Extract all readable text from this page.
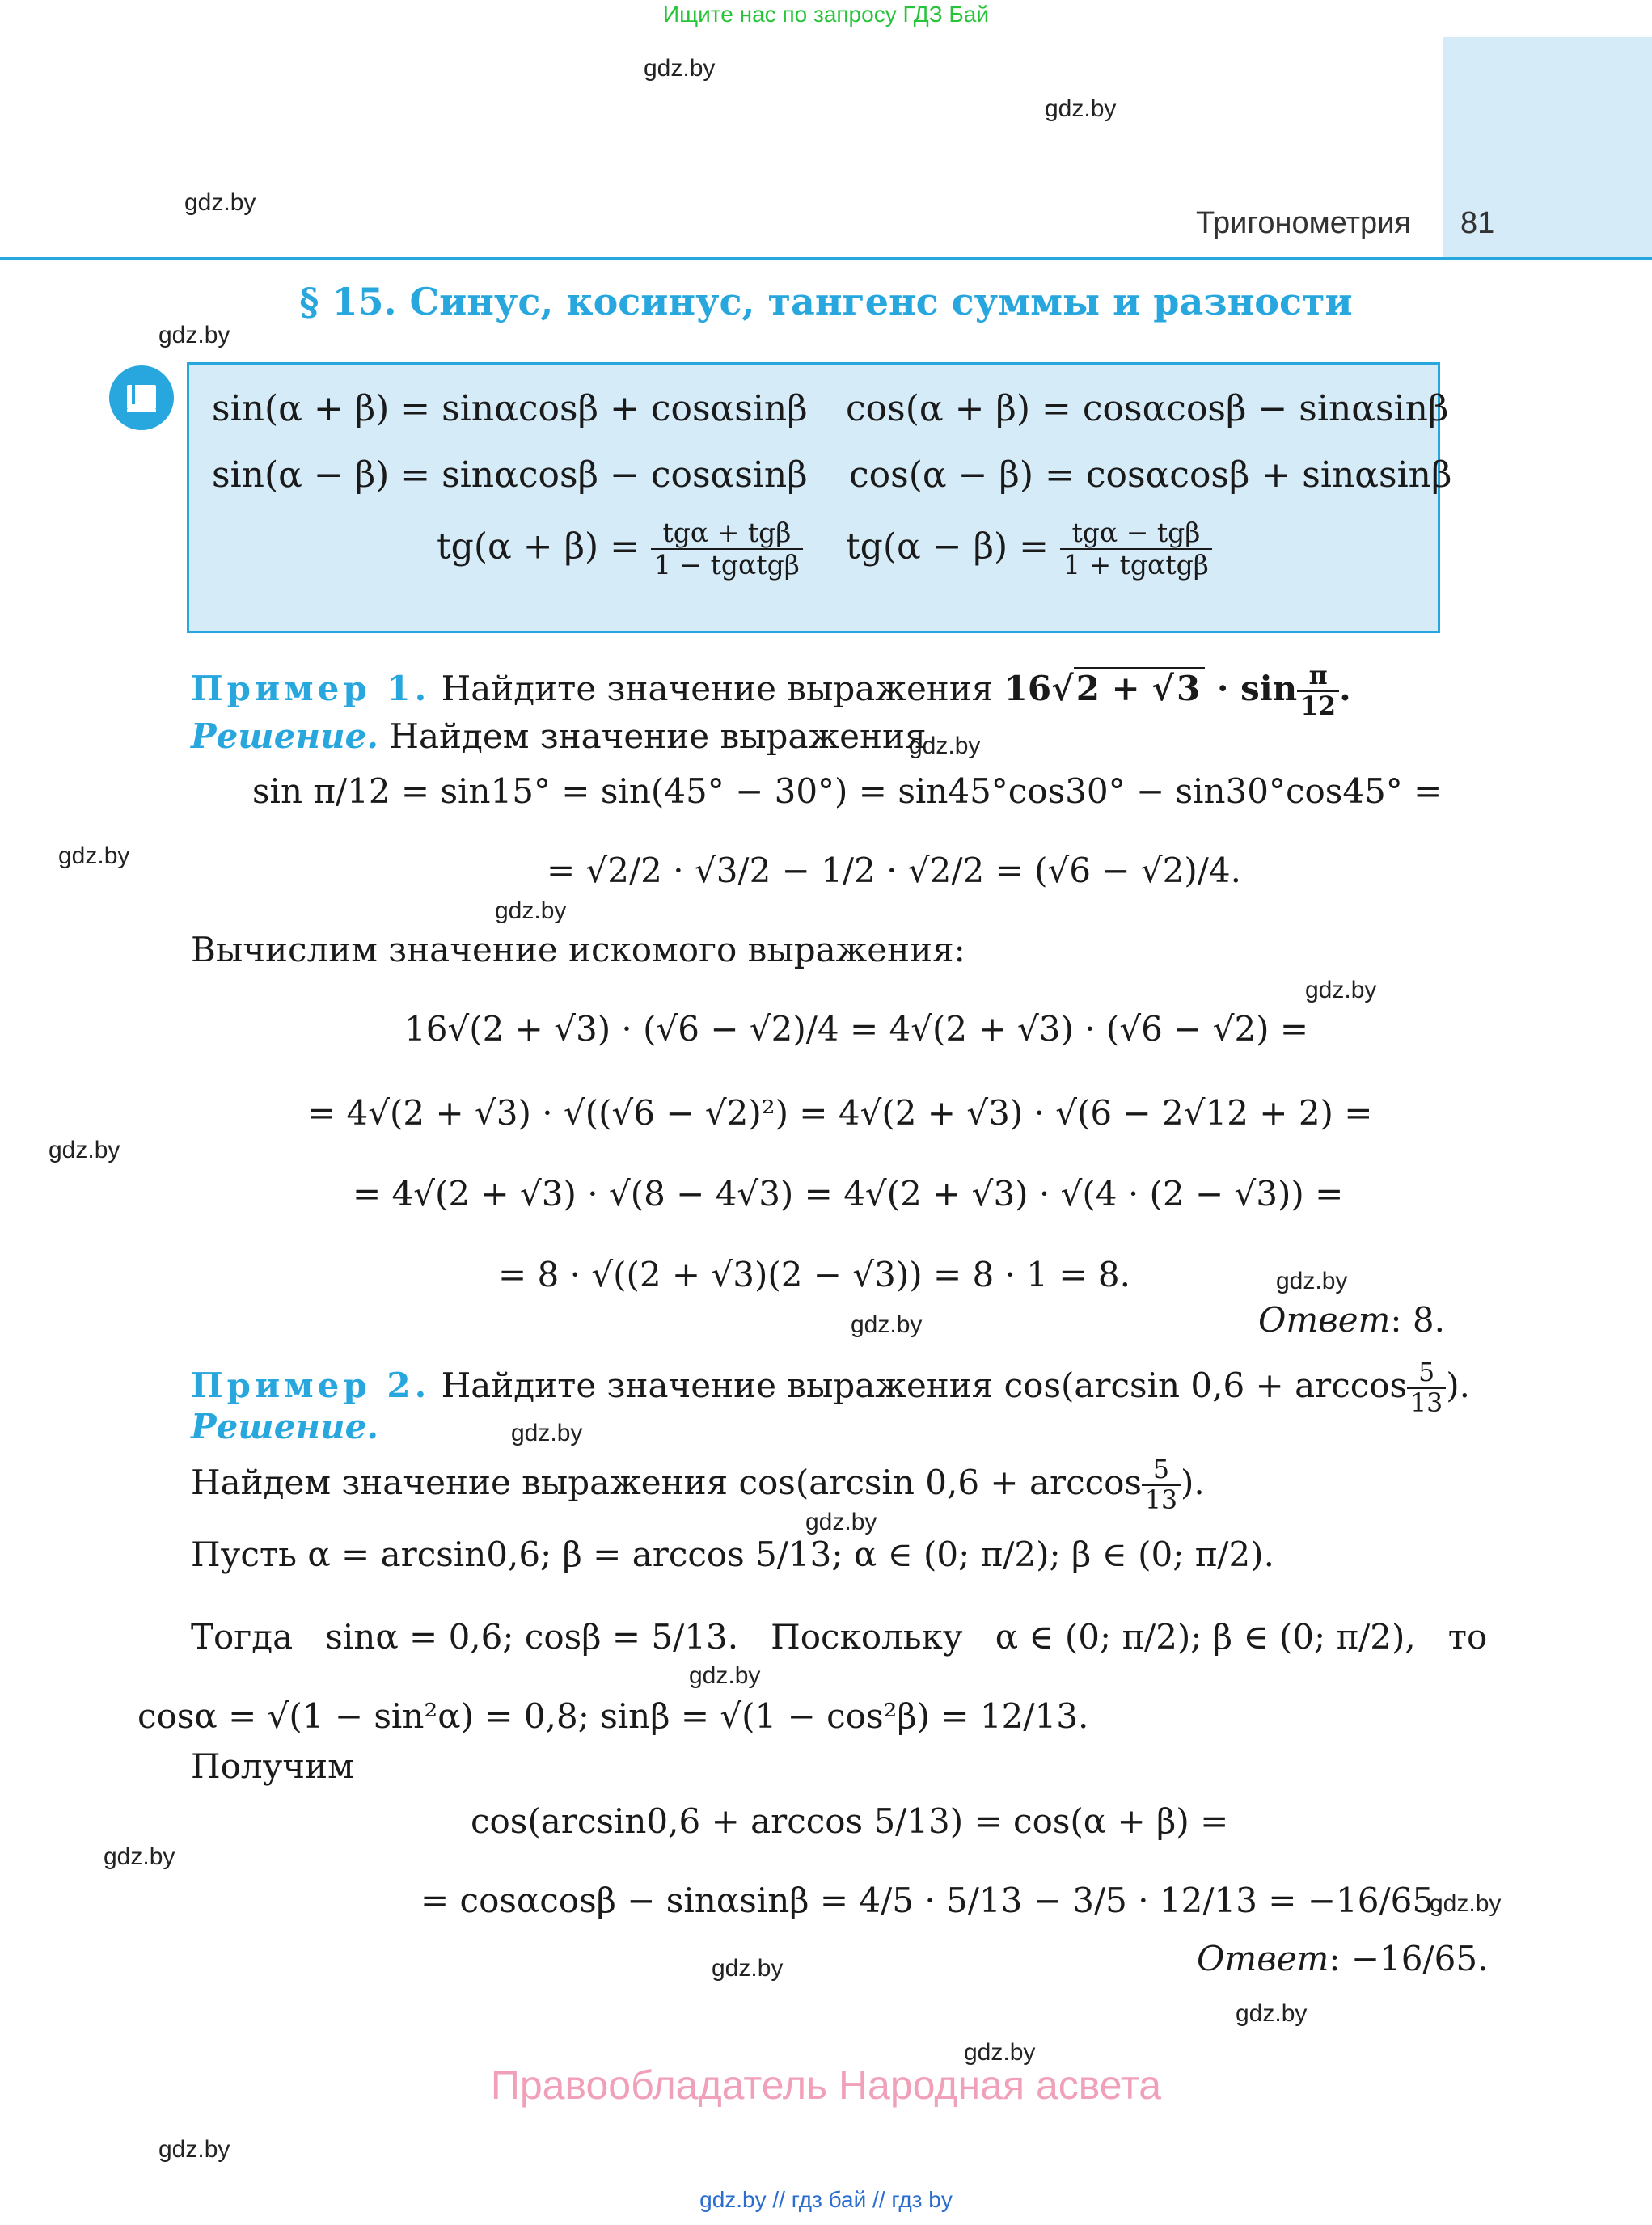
Ищите нас по запросу ГДЗ Бай
gdz.by
gdz.by
gdz.by
gdz.by
gdz.by
gdz.by
gdz.by
gdz.by
gdz.by
gdz.by
gdz.by
gdz.by
gdz.by
gdz.by
gdz.by
gdz.by
gdz.by
gdz.by
gdz.by
gdz.by
Тригонометрия 81
§ 15. Синус, косинус, тангенс суммы и разности
sin(α + β) = sinαcosβ + cosαsinβ cos(α + β) = cosαcosβ − sinαsinβ
sin(α − β) = sinαcosβ − cosαsinβ cos(α − β) = cosαcosβ + sinαsinβ
$tg(\alpha + \beta) = \frac{\text{tgα + tgβ}}{\text{1 − tgαtgβ}} tg(\alpha - \beta) = \frac{\text{tgα − tgβ}}{\text{1 + tgαtgβ}}$
Пример 1. Найдите значение выражения $16√2 + √3 \cdot \sin \frac{\pi}{12}$ .
Решение. Найдем значение выражения
sin π/12 = sin15° = sin(45° − 30°) = sin45°cos30° − sin30°cos45° =
= √2/2 · √3/2 − 1/2 · √2/2 = (√6 − √2)/4.
Вычислим значение искомого выражения:
16√(2 + √3) · (√6 − √2)/4 = 4√(2 + √3) · (√6 − √2) =
= 4√(2 + √3) · √((√6 − √2)²) = 4√(2 + √3) · √(6 − 2√12 + 2) =
= 4√(2 + √3) · √(8 − 4√3) = 4√(2 + √3) · √(4 · (2 − √3)) =
= 8 · √((2 + √3)(2 − √3)) = 8 · 1 = 8.
Ответ: 8.
Пример 2. Найдите значение выражения cos(arcsin $0,6 + \arccos \frac{5}{13}$ ).
Решение.
Найдем значение выражения cos(arcsin $0,6 + \arccos \frac{5}{13}$ ).
Пусть α = arcsin0,6; β = arccos 5/13; α ∈ (0; π/2); β ∈ (0; π/2).
Тогда sinα = 0,6; cosβ = 5/13. Поскольку α ∈ (0; π/2); β ∈ (0; π/2), то
cosα = √(1 − sin²α) = 0,8; sinβ = √(1 − cos²β) = 12/13.
Получим
cos(arcsin0,6 + arccos 5/13) = cos(α + β) =
= cosαcosβ − sinαsinβ = 4/5 · 5/13 − 3/5 · 12/13 = −16/65.
Ответ: −16/65.
Правообладатель Народная асвета
gdz.by // гдз бай // гдз by
